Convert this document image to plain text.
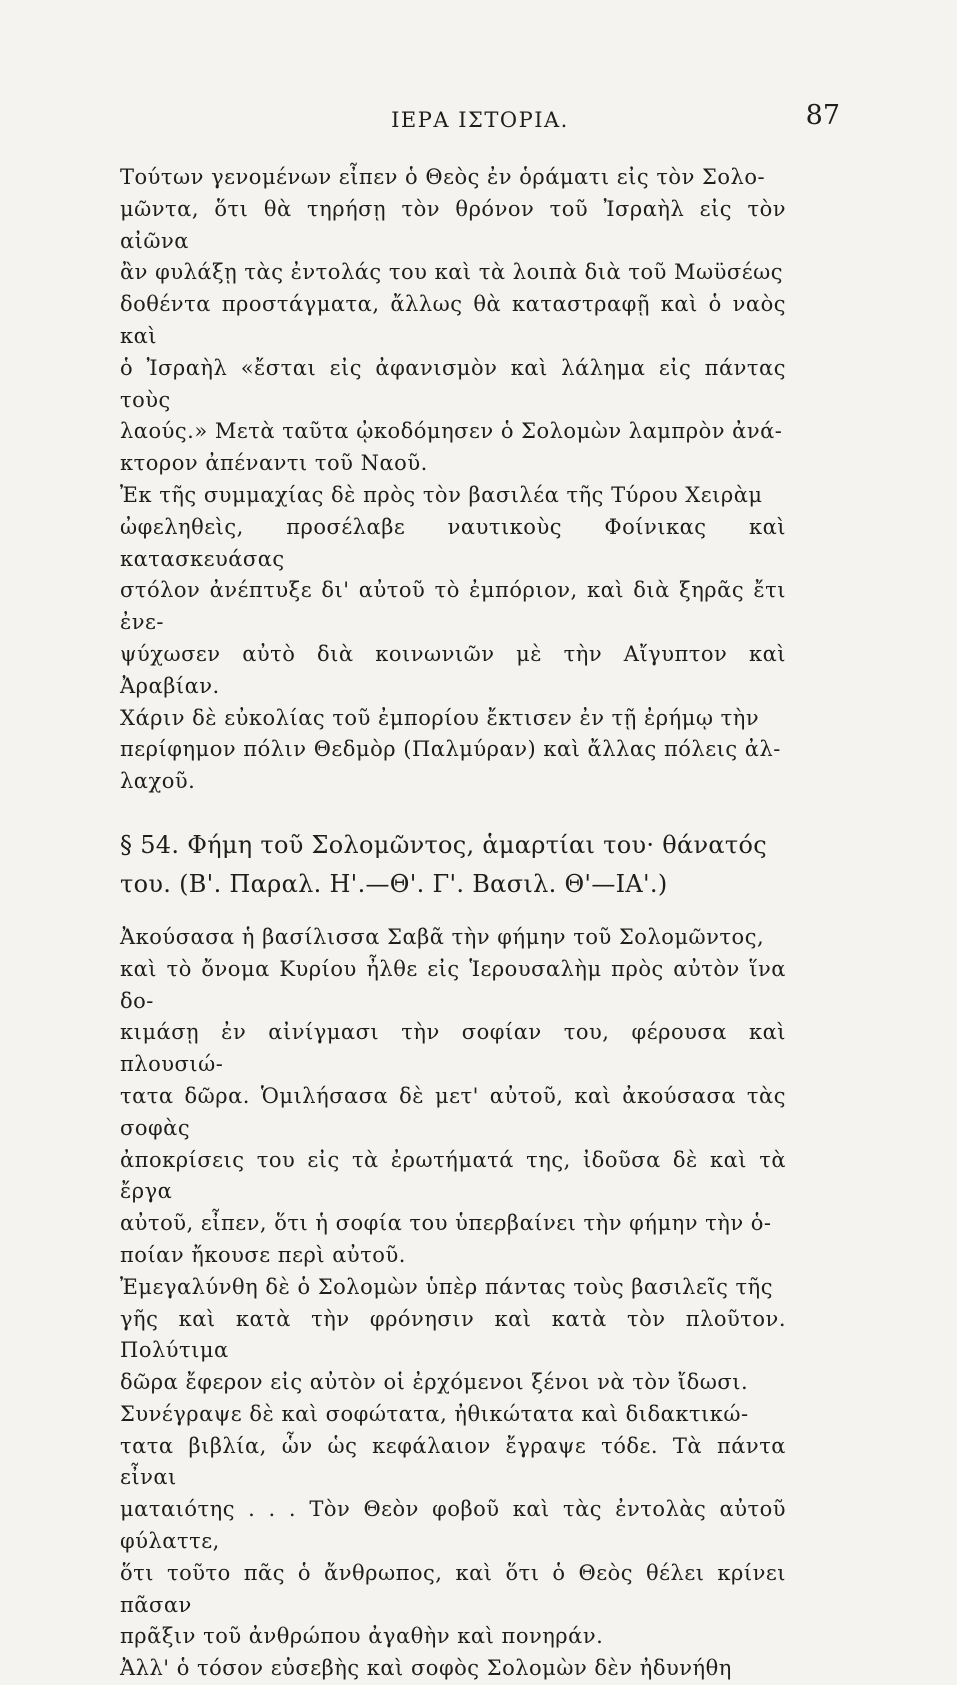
ΙΕΡΑ ΙΣΤΟΡΙΑ.	87

Τούτων γενομένων εἶπεν ὁ Θεὸς ἐν ὁράματι εἰς τὸν Σολο-
μῶντα, ὅτι θὰ τηρήσῃ τὸν θρόνον τοῦ Ἰσραὴλ εἰς τὸν αἰῶνα
ἂν φυλάξῃ τὰς ἐντολάς του καὶ τὰ λοιπὰ διὰ τοῦ Μωϋσέως
δοθέντα προστάγματα, ἄλλως θὰ καταστραφῇ καὶ ὁ ναὸς καὶ
ὁ Ἰσραὴλ «ἔσται εἰς ἀφανισμὸν καὶ λάλημα εἰς πάντας τοὺς
λαούς.» Μετὰ ταῦτα ᾠκοδόμησεν ὁ Σολομὼν λαμπρὸν ἀνά-
κτορον ἀπέναντι τοῦ Ναοῦ.

Ἐκ τῆς συμμαχίας δὲ πρὸς τὸν βασιλέα τῆς Τύρου Χειρὰμ
ὠφεληθεὶς, προσέλαβε ναυτικοὺς Φοίνικας καὶ κατασκευάσας
στόλον ἀνέπτυξε δι' αὐτοῦ τὸ ἐμπόριον, καὶ διὰ ξηρᾶς ἔτι ἐνε-
ψύχωσεν αὐτὸ διὰ κοινωνιῶν μὲ τὴν Αἴγυπτον καὶ Ἀραβίαν.
Χάριν δὲ εὐκολίας τοῦ ἐμπορίου ἔκτισεν ἐν τῇ ἐρήμῳ τὴν
περίφημον πόλιν Θεδμὸρ (Παλμύραν) καὶ ἄλλας πόλεις ἀλ-
λαχοῦ.

§ 54. Φήμη τοῦ Σολομῶντος, ἁμαρτίαι του· θάνατός
του. (Β'. Παραλ. Η'.—Θ'. Γ'. Βασιλ. Θ'—ΙΑ'.)

Ἀκούσασα ἡ βασίλισσα Σαβᾶ τὴν φήμην τοῦ Σολομῶντος,
καὶ τὸ ὄνομα Κυρίου ἦλθε εἰς Ἱερουσαλὴμ πρὸς αὐτὸν ἵνα δο-
κιμάσῃ ἐν αἰνίγμασι τὴν σοφίαν του, φέρουσα καὶ πλουσιώ-
τατα δῶρα. Ὁμιλήσασα δὲ μετ' αὐτοῦ, καὶ ἀκούσασα τὰς σοφὰς
ἀποκρίσεις του εἰς τὰ ἐρωτήματά της, ἰδοῦσα δὲ καὶ τὰ ἔργα
αὐτοῦ, εἶπεν, ὅτι ἡ σοφία του ὑπερβαίνει τὴν φήμην τὴν ὁ-
ποίαν ἤκουσε περὶ αὐτοῦ.

Ἐμεγαλύνθη δὲ ὁ Σολομὼν ὑπὲρ πάντας τοὺς βασιλεῖς τῆς
γῆς καὶ κατὰ τὴν φρόνησιν καὶ κατὰ τὸν πλοῦτον. Πολύτιμα
δῶρα ἔφερον εἰς αὐτὸν οἱ ἐρχόμενοι ξένοι νὰ τὸν ἴδωσι.

Συνέγραψε δὲ καὶ σοφώτατα, ἠθικώτατα καὶ διδακτικώ-
τατα βιβλία, ὧν ὡς κεφάλαιον ἔγραψε τόδε. Τὰ πάντα εἶναι
ματαιότης . . . Τὸν Θεὸν φοβοῦ καὶ τὰς ἐντολὰς αὐτοῦ φύλαττε,
ὅτι τοῦτο πᾶς ὁ ἄνθρωπος, καὶ ὅτι ὁ Θεὸς θέλει κρίνει πᾶσαν
πρᾶξιν τοῦ ἀνθρώπου ἀγαθὴν καὶ πονηράν.

Ἀλλ' ὁ τόσον εὐσεβὴς καὶ σοφὸς Σολομὼν δὲν ἠδυνήθη
